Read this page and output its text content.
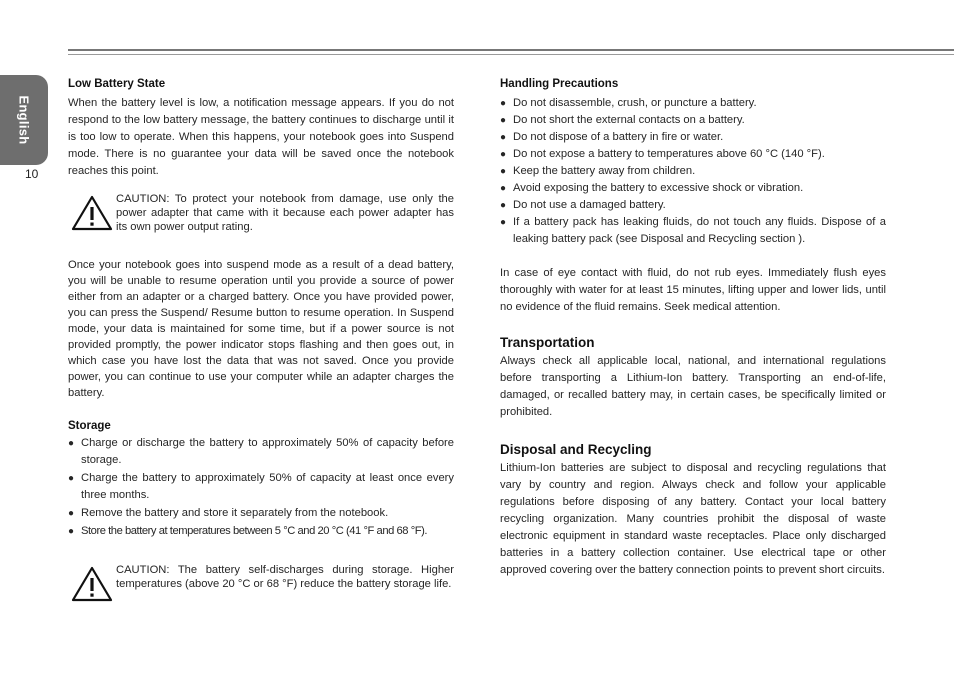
English
10
Low Battery State

When the battery level is low, a notification message appears. If you do not respond to the low battery message, the battery continues to discharge until it is too low to operate. When this happens, your notebook goes into Suspend mode. There is no guarantee your data will be saved once the notebook reaches this point.

CAUTION: To protect your notebook from damage, use only the power adapter that came with it because each power adapter has its own power output rating.

Once your notebook goes into suspend mode as a result of a dead battery, you will be unable to resume operation until you provide a source of power either from an adapter or a charged battery. Once you have provided power, you can press the Suspend/ Resume button to resume operation. In Suspend mode, your data is maintained for some time, but if a power source is not provided promptly, the power indicator stops flashing and then goes out, in which case you have lost the data that was not saved. Once you provide power, you can continue to use your computer while an adapter charges the battery.

Storage
● Charge or discharge the battery to approximately 50% of capacity before storage.
● Charge the battery to approximately 50% of capacity at least once every three months.
● Remove the battery and store it separately from the notebook.
● Store the battery at temperatures between 5 °C and 20 °C (41 °F and 68 °F).

CAUTION: The battery self-discharges during storage. Higher temperatures (above 20 °C or 68 °F) reduce the battery storage life.

Handling Precautions
● Do not disassemble, crush, or puncture a battery.
● Do not short the external contacts on a battery.
● Do not dispose of a battery in fire or water.
● Do not expose a battery to temperatures above 60 °C (140 °F).
● Keep the battery away from children.
● Avoid exposing the battery to excessive shock or vibration.
● Do not use a damaged battery.
● If a battery pack has leaking fluids, do not touch any fluids. Dispose of a leaking battery pack (see Disposal and Recycling section ).

In case of eye contact with fluid, do not rub eyes. Immediately flush eyes thoroughly with water for at least 15 minutes, lifting upper and lower lids, until no evidence of the fluid remains. Seek medical attention.

Transportation

Always check all applicable local, national, and international regulations before transporting a Lithium-Ion battery. Transporting an end-of-life, damaged, or recalled battery may, in certain cases, be specifically limited or prohibited.

Disposal and Recycling

Lithium-Ion batteries are subject to disposal and recycling regulations that vary by country and region. Always check and follow your applicable regulations before disposing of any battery. Contact your local battery recycling organization. Many countries prohibit the disposal of waste electronic equipment in standard waste receptacles. Place only discharged batteries in a battery collection container. Use electrical tape or other approved covering over the battery connection points to prevent short circuits.
